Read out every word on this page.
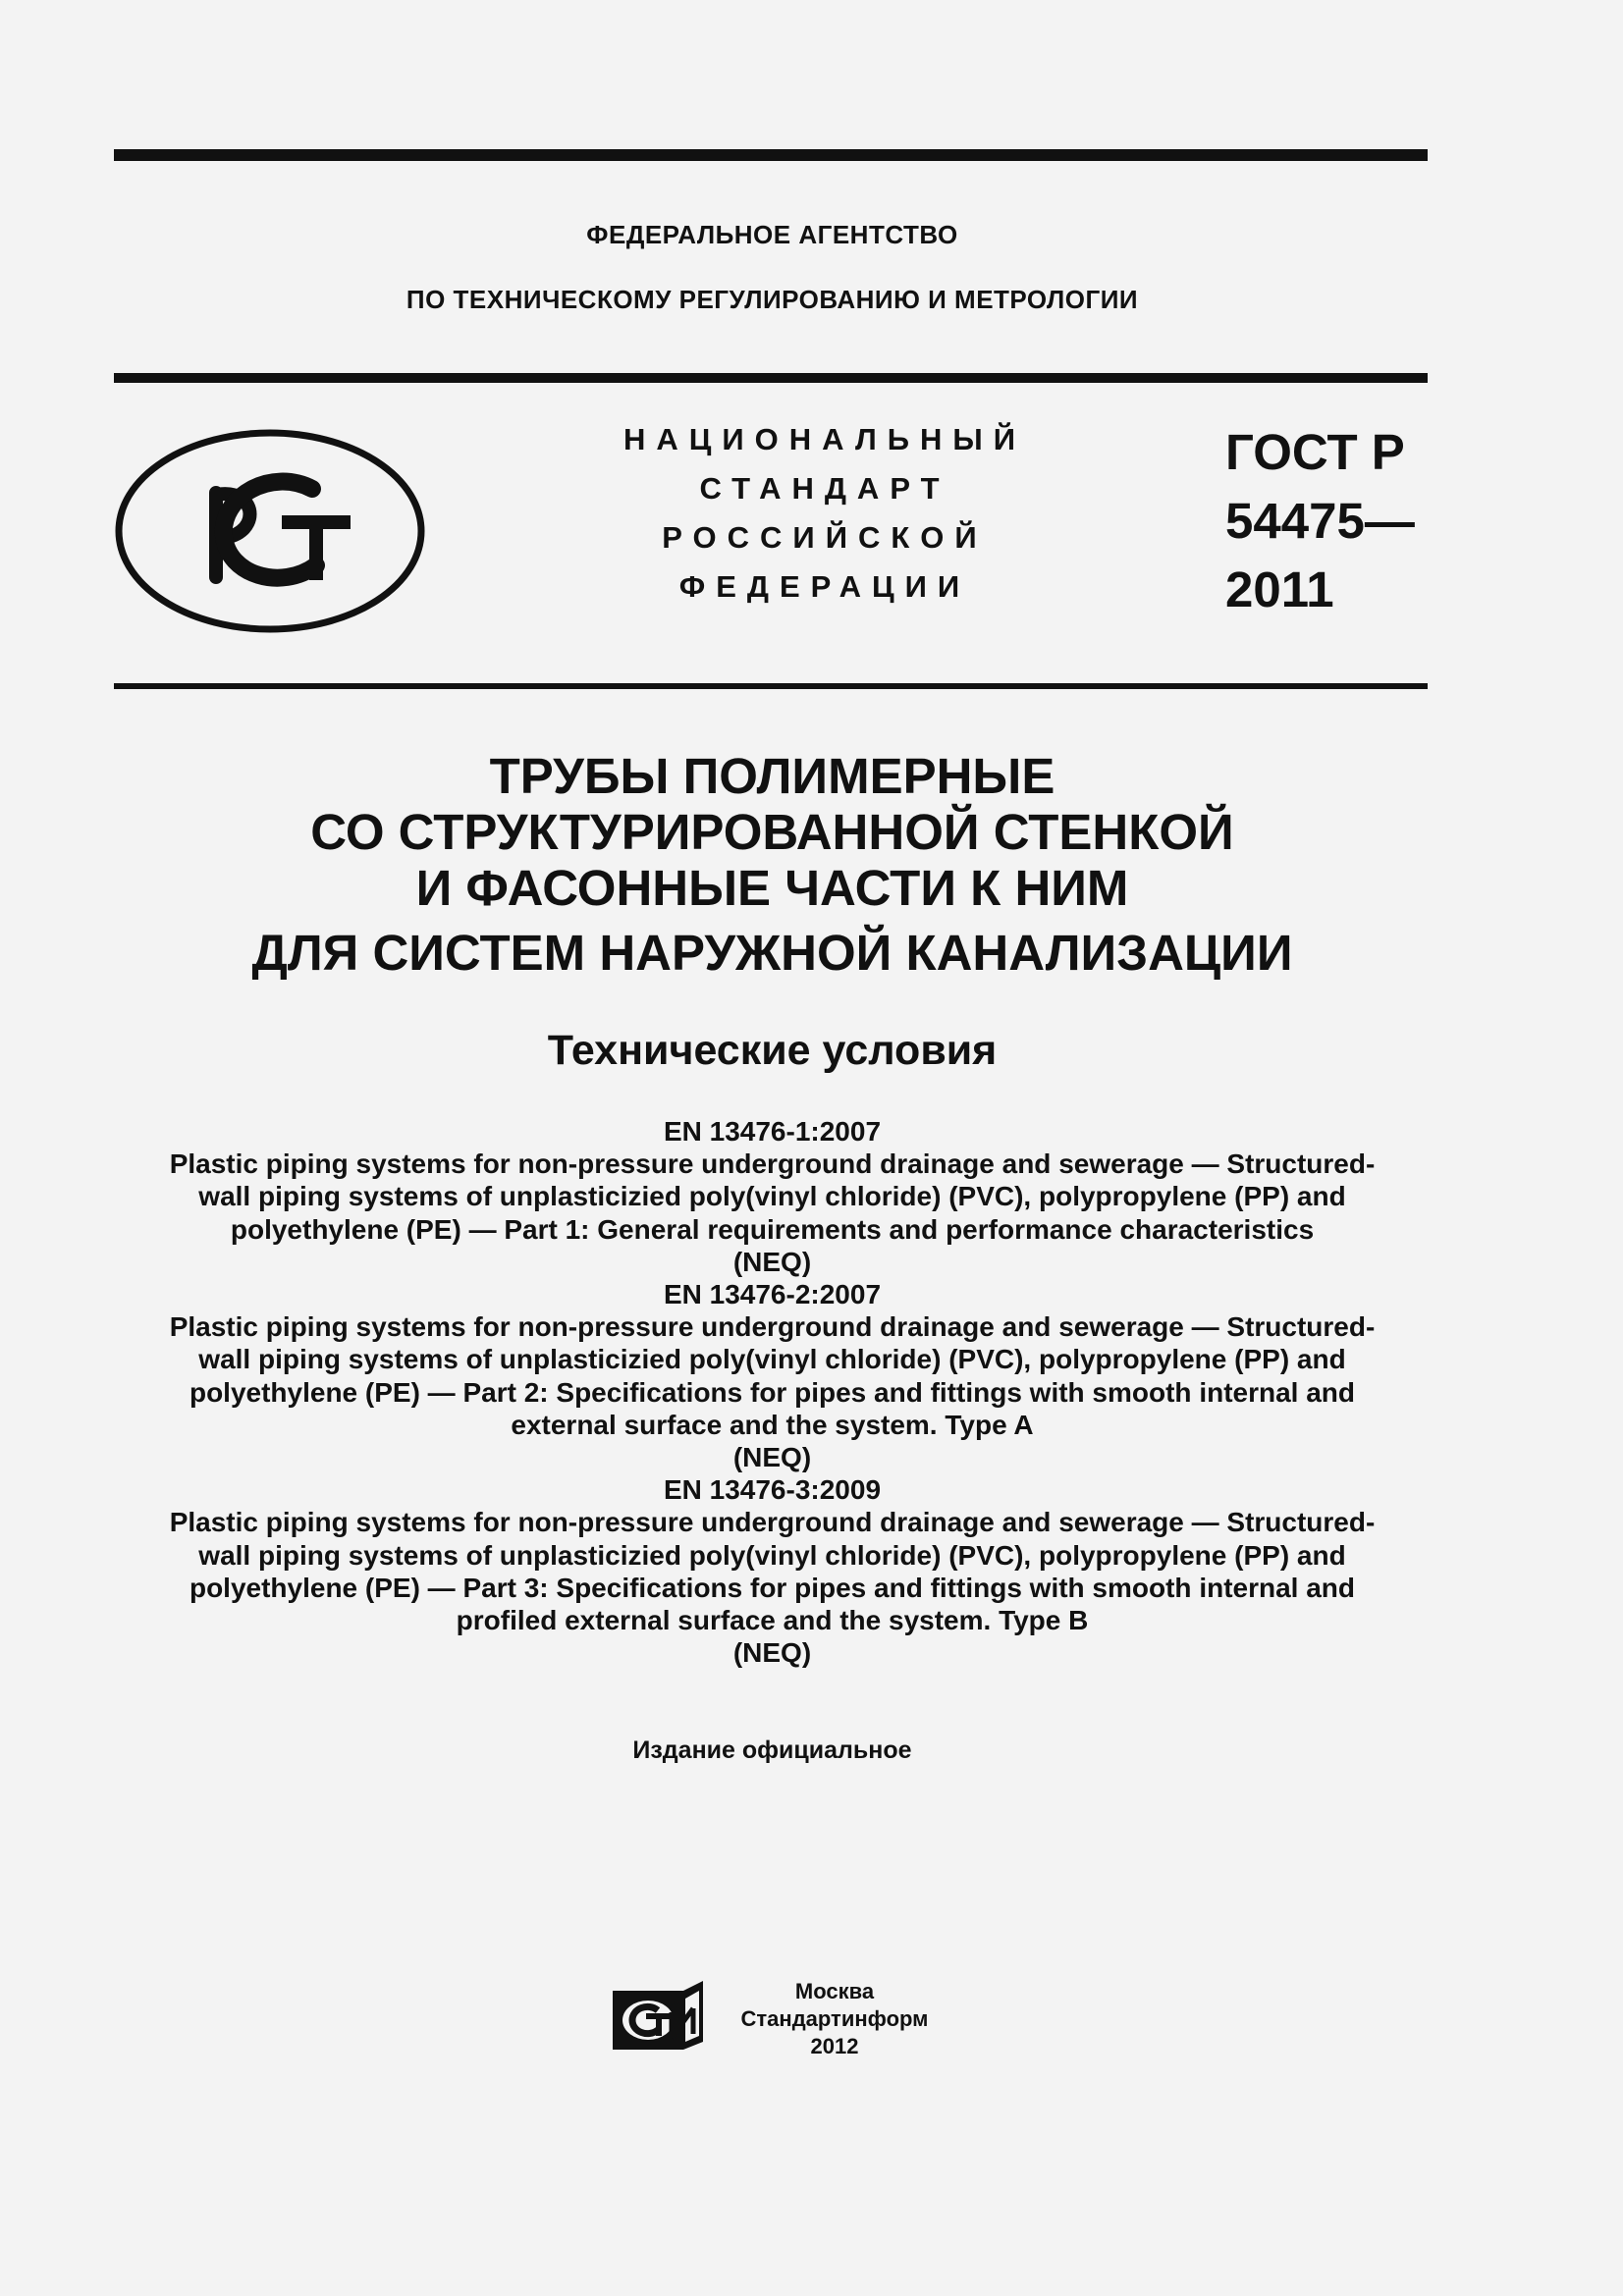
ФЕДЕРАЛЬНОЕ АГЕНТСТВО
ПО ТЕХНИЧЕСКОМУ РЕГУЛИРОВАНИЮ И МЕТРОЛОГИИ
НАЦИОНАЛЬНЫЙ
СТАНДАРТ
РОССИЙСКОЙ
ФЕДЕРАЦИИ
ГОСТ Р
54475—
2011
ТРУБЫ ПОЛИМЕРНЫЕ
СО СТРУКТУРИРОВАННОЙ СТЕНКОЙ
И ФАСОННЫЕ ЧАСТИ К НИМ
ДЛЯ СИСТЕМ НАРУЖНОЙ КАНАЛИЗАЦИИ
Технические условия
EN 13476-1:2007
Plastic piping systems for non-pressure underground drainage and sewerage — Structured-
wall piping systems of unplasticizied poly(vinyl chloride) (PVC), polypropylene (PP) and
polyethylene (PE) — Part 1: General requirements and performance characteristics
(NEQ)
EN 13476-2:2007
Plastic piping systems for non-pressure underground drainage and sewerage — Structured-
wall piping systems of unplasticizied poly(vinyl chloride) (PVC), polypropylene (PP) and
polyethylene (PE) — Part 2: Specifications for pipes and fittings with smooth internal and
external surface and the system. Type A
(NEQ)
EN 13476-3:2009
Plastic piping systems for non-pressure underground drainage and sewerage — Structured-
wall piping systems of unplasticizied poly(vinyl chloride) (PVC), polypropylene (PP) and
polyethylene (PE) — Part 3: Specifications for pipes and fittings with smooth internal and
profiled external surface and the system. Type B
(NEQ)
Издание официальное
Москва
Стандартинформ
2012
